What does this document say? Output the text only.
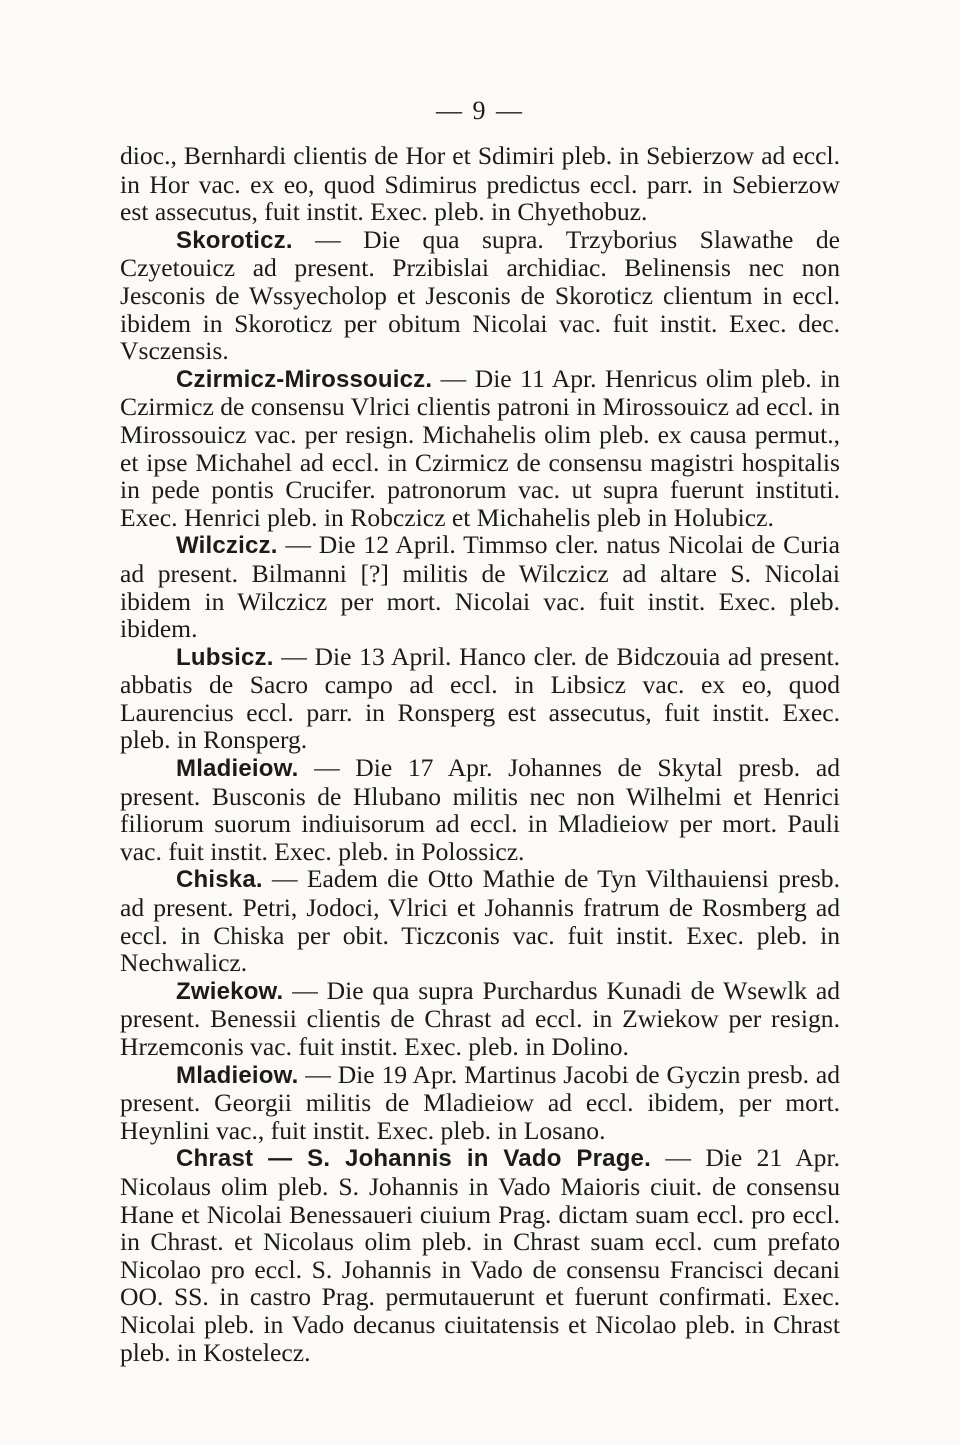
— 9 —

dioc., Bernhardi clientis de Hor et Sdimiri pleb. in Sebierzow ad eccl. in Hor vac. ex eo, quod Sdimirus predictus eccl. parr. in Sebierzow est assecutus, fuit instit. Exec. pleb. in Chyethobuz.

Skoroticz. — Die qua supra. Trzyborius Slawathe de Czyetouicz ad present. Przibislai archidiac. Belinensis nec non Jesconis de Wssyecholop et Jesconis de Skoroticz clientum in eccl. ibidem in Skoroticz per obitum Nicolai vac. fuit instit. Exec. dec. Vsczensis.

Czirmicz-Mirossouicz. — Die 11 Apr. Henricus olim pleb. in Czirmicz de consensu Vlrici clientis patroni in Mirossouicz ad eccl. in Mirossouicz vac. per resign. Michahelis olim pleb. ex causa permut., et ipse Michahel ad eccl. in Czirmicz de consensu magistri hospitalis in pede pontis Crucifer. patronorum vac. ut supra fuerunt instituti. Exec. Henrici pleb. in Robczicz et Michahelis pleb in Holubicz.

Wilczicz. — Die 12 April. Timmso cler. natus Nicolai de Curia ad present. Bilmanni [?] militis de Wilczicz ad altare S. Nicolai ibidem in Wilczicz per mort. Nicolai vac. fuit instit. Exec. pleb. ibidem.

Lubsicz. — Die 13 April. Hanco cler. de Bidczouia ad present. abbatis de Sacro campo ad eccl. in Libsicz vac. ex eo, quod Laurencius eccl. parr. in Ronsperg est assecutus, fuit instit. Exec. pleb. in Ronsperg.

Mladieiow. — Die 17 Apr. Johannes de Skytal presb. ad present. Busconis de Hlubano militis nec non Wilhelmi et Henrici filiorum suorum indiuisorum ad eccl. in Mladieiow per mort. Pauli vac. fuit instit. Exec. pleb. in Polossicz.

Chiska. — Eadem die Otto Mathie de Tyn Vilthauiensi presb. ad present. Petri, Jodoci, Vlrici et Johannis fratrum de Rosmberg ad eccl. in Chiska per obit. Ticzconis vac. fuit instit. Exec. pleb. in Nechwalicz.

Zwiekow. — Die qua supra Purchardus Kunadi de Wsewlk ad present. Benessii clientis de Chrast ad eccl. in Zwiekow per resign. Hrzemconis vac. fuit instit. Exec. pleb. in Dolino.

Mladieiow. — Die 19 Apr. Martinus Jacobi de Gyczin presb. ad present. Georgii militis de Mladieiow ad eccl. ibidem, per mort. Heynlini vac., fuit instit. Exec. pleb. in Losano.

Chrast — S. Johannis in Vado Prage. — Die 21 Apr. Nicolaus olim pleb. S. Johannis in Vado Maioris ciuit. de consensu Hane et Nicolai Benessaueri ciuium Prag. dictam suam eccl. pro eccl. in Chrast. et Nicolaus olim pleb. in Chrast suam eccl. cum prefato Nicolao pro eccl. S. Johannis in Vado de consensu Francisci decani OO. SS. in castro Prag. permutauerunt et fuerunt confirmati. Exec. Nicolai pleb. in Vado decanus ciuitatensis et Nicolao pleb. in Chrast pleb. in Kostelecz.
